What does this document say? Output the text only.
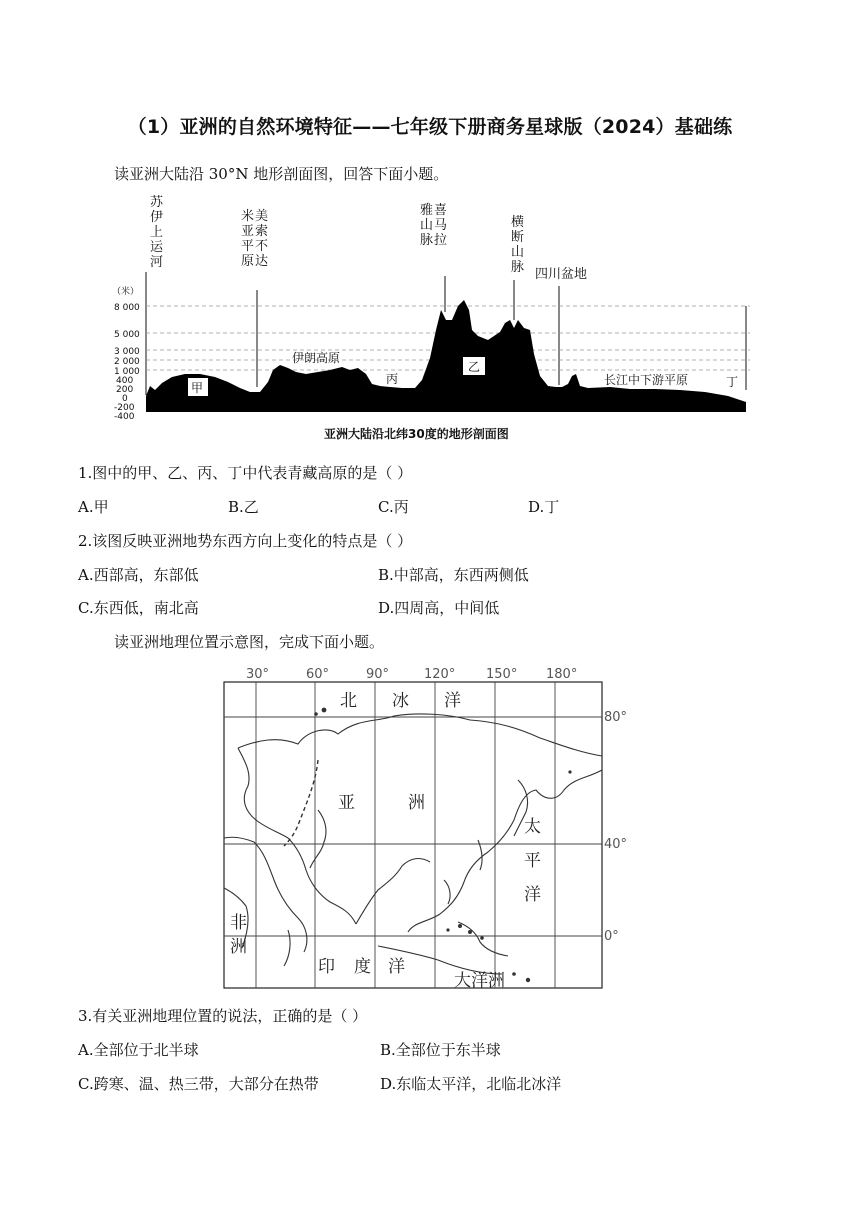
（1）亚洲的自然环境特征——七年级下册商务星球版（2024）基础练
读亚洲大陆沿 30°N 地形剖面图，回答下面小题。
苏伊上运河
美索不达米亚平原
喜马拉雅山脉
横断山脉 四川盆地
（米）
8 000
5 000
3 000
2 000
1 000
400
200
0
-200
-400
甲
乙
丙	丁
伊朗高原
长江中下游平原
亚洲大陆沿北纬30度的地形剖面图
1.图中的甲、乙、丙、丁中代表青藏高原的是（ ）
A.甲	B.乙	C.丙	D.丁
2.该图反映亚洲地势东西方向上变化的特点是（ ）
A.西部高，东部低	B.中部高，东西两侧低
C.东西低，南北高	D.四周高，中间低
读亚洲地理位置示意图，完成下面小题。
30°	60°	90°	120° 150° 180°
80°
40°
0°
北 冰 洋
亚	洲
太
平
洋
非
洲
印 度 洋
大洋洲
3.有关亚洲地理位置的说法，正确的是（ ）
A.全部位于北半球	B.全部位于东半球
C.跨寒、温、热三带，大部分在热带	D.东临太平洋，北临北冰洋
